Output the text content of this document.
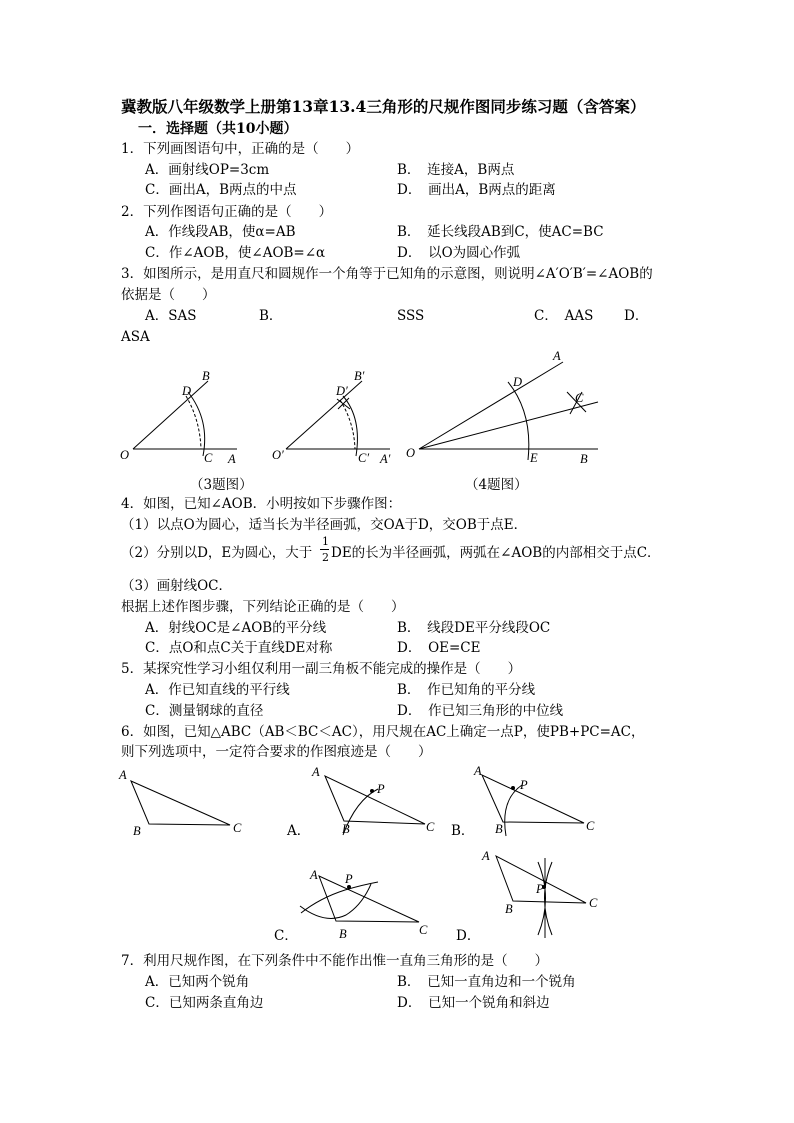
冀教版八年级数学上册第13章13.4三角形的尺规作图同步练习题（含答案）
一．选择题（共10小题）
1．下列画图语句中，正确的是（　　）
A．画射线OP=3cm	B．　连接A，B两点
C．画出A，B两点的中点	D．　画出A，B两点的距离
2．下列作图语句正确的是（　　）
A．作线段AB，使α=AB	B．　延长线段AB到C，使AC=BC
C．作∠AOB，使∠AOB=∠α	D．　以O为圆心作弧
3．如图所示，是用直尺和圆规作一个角等于已知角的示意图，则说明∠A′O′B′=∠AOB的
依据是（　　）
A．SAS	B．	SSS	C．　AAS D．
ASA
O	C A
B
D
O′	C′ A′
B′
D′
O	E	B
A
D
C
A
B	C
A
B	C
P
A
B	C
P
A
B	C
P
A
B	C
P
（3题图）	（4题图）
4．如图，已知∠AOB．小明按如下步骤作图：
（1）以点O为圆心，适当长为半径画弧，交OA于D，交OB于点E．
（2）分别以D，E为圆心，大于
1
2 DE的长为半径画弧，两弧在∠AOB的内部相交于点C．
（3）画射线OC．
根据上述作图步骤，下列结论正确的是（　　）
A．射线OC是∠AOB的平分线	B．　线段DE平分线段OC
C．点O和点C关于直线DE对称	D．　OE=CE
5．某探究性学习小组仅利用一副三角板不能完成的操作是（　　）
A．作已知直线的平行线	B．　作已知角的平分线
C．测量钢球的直径	D．　作已知三角形的中位线
6．如图，已知△ABC（AB＜BC＜AC），用尺规在AC上确定一点P，使PB+PC=AC，
则下列选项中，一定符合要求的作图痕迹是（　　）
A．	B．
C．	D．
7．利用尺规作图，在下列条件中不能作出惟一直角三角形的是（　　）
A．已知两个锐角	B．　已知一直角边和一个锐角
C．已知两条直角边	D．　已知一个锐角和斜边
